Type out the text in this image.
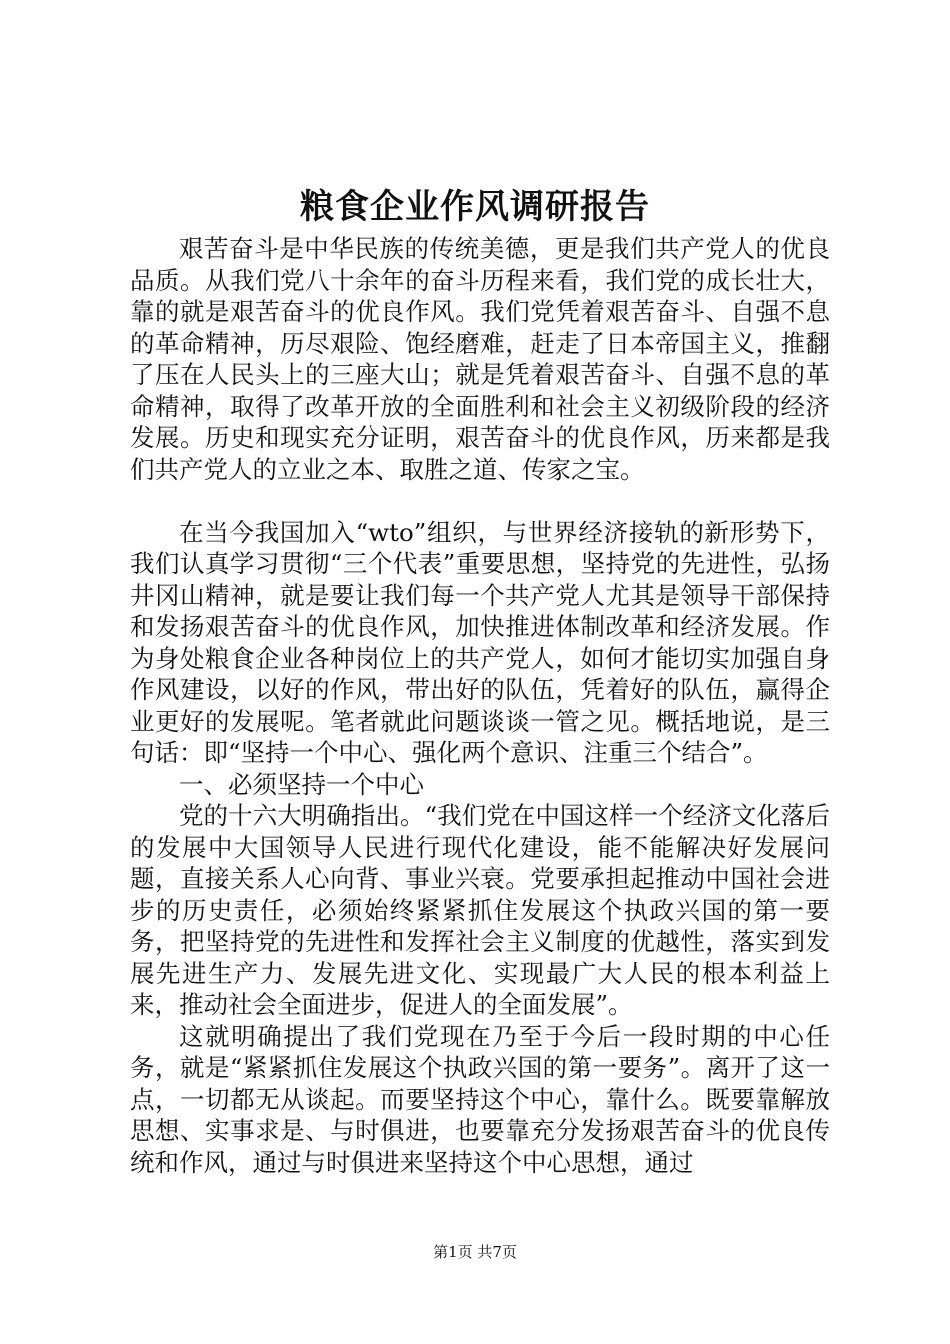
粮食企业作风调研报告

艰苦奋斗是中华民族的传统美德，更是我们共产党人的优良品质。从我们党八十余年的奋斗历程来看，我们党的成长壮大，靠的就是艰苦奋斗的优良作风。我们党凭着艰苦奋斗、自强不息的革命精神，历尽艰险、饱经磨难，赶走了日本帝国主义，推翻了压在人民头上的三座大山；就是凭着艰苦奋斗、自强不息的革命精神，取得了改革开放的全面胜利和社会主义初级阶段的经济发展。历史和现实充分证明，艰苦奋斗的优良作风，历来都是我们共产党人的立业之本、取胜之道、传家之宝。

在当今我国加入“wto”组织，与世界经济接轨的新形势下，我们认真学习贯彻“三个代表”重要思想，坚持党的先进性，弘扬井冈山精神，就是要让我们每一个共产党人尤其是领导干部保持和发扬艰苦奋斗的优良作风，加快推进体制改革和经济发展。作为身处粮食企业各种岗位上的共产党人，如何才能切实加强自身作风建设，以好的作风，带出好的队伍，凭着好的队伍，赢得企业更好的发展呢。笔者就此问题谈谈一管之见。概括地说，是三句话：即“坚持一个中心、强化两个意识、注重三个结合”。

一、必须坚持一个中心

党的十六大明确指出。“我们党在中国这样一个经济文化落后的发展中大国领导人民进行现代化建设，能不能解决好发展问题，直接关系人心向背、事业兴衰。党要承担起推动中国社会进步的历史责任，必须始终紧紧抓住发展这个执政兴国的第一要务，把坚持党的先进性和发挥社会主义制度的优越性，落实到发展先进生产力、发展先进文化、实现最广大人民的根本利益上来，推动社会全面进步，促进人的全面发展”。

这就明确提出了我们党现在乃至于今后一段时期的中心任务，就是“紧紧抓住发展这个执政兴国的第一要务”。离开了这一点，一切都无从谈起。而要坚持这个中心，靠什么。既要靠解放思想、实事求是、与时俱进，也要靠充分发扬艰苦奋斗的优良传统和作风，通过与时俱进来坚持这个中心思想，通过

第1页 共7页
